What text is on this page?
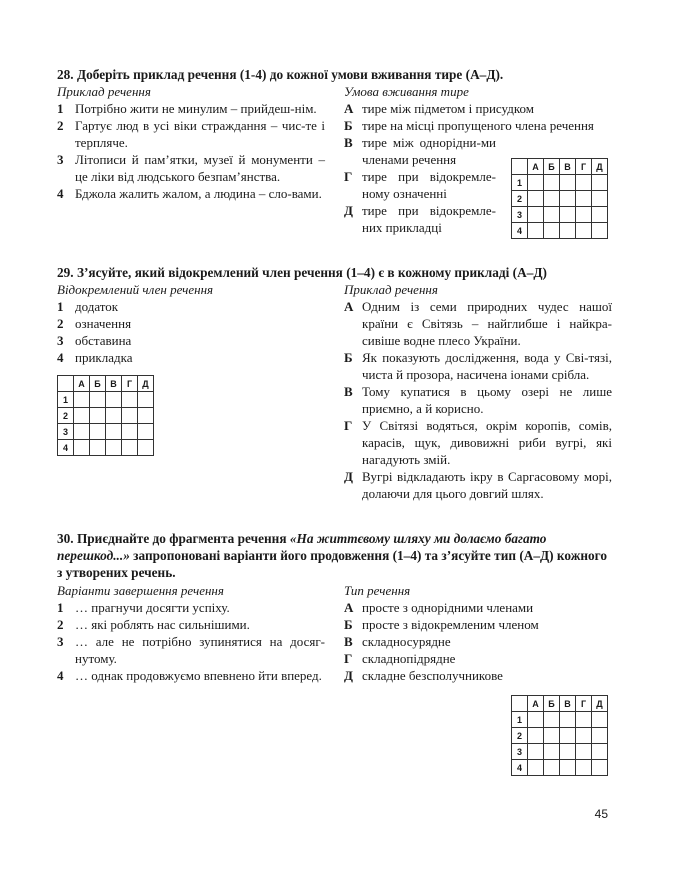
28. Доберіть приклад речення (1-4) до кожної умови вживання тире (А–Д).
Приклад речення
1 Потрібно жити не минулим – прийдеш-нім.
2 Гартує люд в усі віки страждання – чис-те і терпляче.
3 Літописи й пам’ятки, музеї й монументи – це ліки від людського безпам’янства.
4 Бджола жалить жалом, а людина – сло-вами.
Умова вживання тире
А тире між підметом і присудком
Б тире на місці пропущеного члена речення
В тире між однорідни-ми членами речення
Г тире при відокремле-ному означенні
Д тире при відокремле-них прикладці
	А	Б	В	Г	Д
1					
2					
3					
4					
29. З’ясуйте, який відокремлений член речення (1–4) є в кожному прикладі (А–Д)
Відокремлений член речення
1 додаток
2 означення
3 обставина
4 прикладка
	А	Б	В	Г	Д
1					
2					
3					
4					
Приклад речення
А Одним із семи природних чудес нашої країни є Світязь – найглибше і найкра-сивіше водне плесо України.
Б Як показують дослідження, вода у Сві-тязі, чиста й прозора, насичена іонами срібла.
В Тому купатися в цьому озері не лише приємно, а й корисно.
Г У Світязі водяться, окрім коропів, сомів, карасів, щук, дивовижні риби вугрі, які нагадують змій.
Д Вугрі відкладають ікру в Саргасовому морі, долаючи для цього довгий шлях.
30. Приєднайте до фрагмента речення «На життєвому шляху ми долаємо багато перешкод...» запропоновані варіанти його продовження (1–4) та з’ясуйте тип (А–Д) кожного з утворених речень.
Варіанти завершення речення
1 … прагнучи досягти успіху.
2 … які роблять нас сильнішими.
3 … але не потрібно зупинятися на досяг-нутому.
4 … однак продовжуємо впевнено йти вперед.
Тип речення
А просте з однорідними членами
Б просте з відокремленим членом
В складносурядне
Г складнопідрядне
Д складне безсполучникове
	А	Б	В	Г	Д
1					
2					
3					
4					
45
